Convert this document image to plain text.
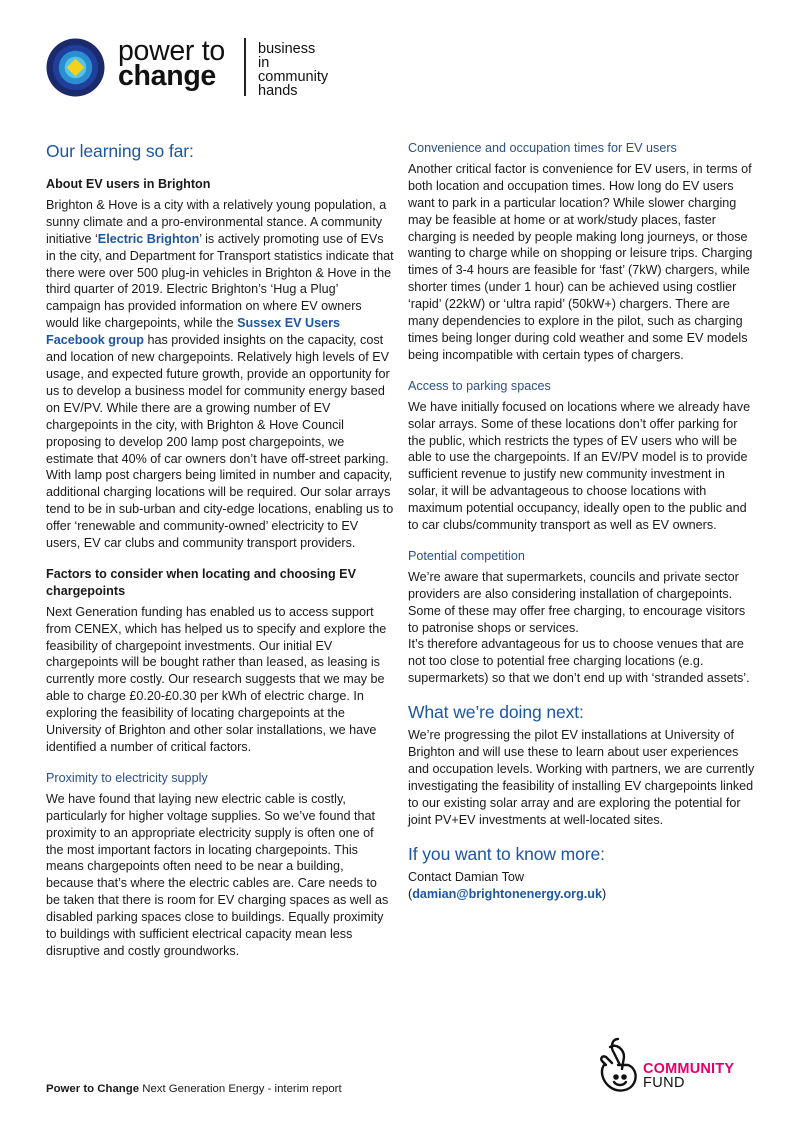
power to
change
business in
community
hands
Our learning so far:
About EV users in Brighton

Brighton & Hove is a city with a relatively young population, a sunny climate and a pro-environmental stance. A community initiative ‘Electric Brighton’ is actively promoting use of EVs in the city, and Department for Transport statistics indicate that there were over 500 plug-in vehicles in Brighton & Hove in the third quarter of 2019. Electric Brighton’s ‘Hug a Plug’ campaign has provided information on where EV owners would like chargepoints, while the Sussex EV Users Facebook group has provided insights on the capacity, cost and location of new chargepoints. Relatively high levels of EV usage, and expected future growth, provide an opportunity for us to develop a business model for community energy based on EV/PV. While there are a growing number of EV chargepoints in the city, with Brighton & Hove Council proposing to develop 200 lamp post chargepoints, we estimate that 40% of car owners don’t have off-street parking. With lamp post chargers being limited in number and capacity, additional charging locations will be required. Our solar arrays tend to be in sub-urban and city-edge locations, enabling us to offer ‘renewable and community-owned’ electricity to EV users, EV car clubs and community transport providers.

Factors to consider when locating and choosing EV chargepoints

Next Generation funding has enabled us to access support from CENEX, which has helped us to specify and explore the feasibility of chargepoint investments. Our initial EV chargepoints will be bought rather than leased, as leasing is currently more costly. Our research suggests that we may be able to charge £0.20-£0.30 per kWh of electric charge. In exploring the feasibility of locating chargepoints at the University of Brighton and other solar installations, we have identified a number of critical factors.

Proximity to electricity supply

We have found that laying new electric cable is costly, particularly for higher voltage supplies. So we’ve found that proximity to an appropriate electricity supply is often one of the most important factors in locating chargepoints. This means chargepoints often need to be near a building, because that’s where the electric cables are. Care needs to be taken that there is room for EV charging spaces as well as disabled parking spaces close to buildings. Equally proximity to buildings with sufficient electrical capacity mean less disruptive and costly groundworks.

Convenience and occupation times for EV users

Another critical factor is convenience for EV users, in terms of both location and occupation times. How long do EV users want to park in a particular location? While slower charging may be feasible at home or at work/study places, faster charging is needed by people making long journeys, or those wanting to charge while on shopping or leisure trips. Charging times of 3-4 hours are feasible for ‘fast’ (7kW) chargers, while shorter times (under 1 hour) can be achieved using costlier ‘rapid’ (22kW) or ‘ultra rapid’ (50kW+) chargers. There are many dependencies to explore in the pilot, such as charging times being longer during cold weather and some EV models being incompatible with certain types of chargers.

Access to parking spaces

We have initially focused on locations where we already have solar arrays. Some of these locations don’t offer parking for the public, which restricts the types of EV users who will be able to use the chargepoints. If an EV/PV model is to provide sufficient revenue to justify new community investment in solar, it will be advantageous to choose locations with maximum potential occupancy, ideally open to the public and to car clubs/community transport as well as EV owners.

Potential competition

We’re aware that supermarkets, councils and private sector providers are also considering installation of chargepoints. Some of these may offer free charging, to encourage visitors to patronise shops or services.

It’s therefore advantageous for us to choose venues that are not too close to potential free charging locations (e.g. supermarkets) so that we don’t end up with ‘stranded assets’.

What we’re doing next:

We’re progressing the pilot EV installations at University of Brighton and will use these to learn about user experiences and occupation levels. Working with partners, we are currently investigating the feasibility of installing EV chargepoints linked to our existing solar array and are exploring the potential for joint PV+EV investments at well-located sites.

If you want to know more:

Contact Damian Tow

(damian@brightonenergy.org.uk)

COMMUNITY
FUND
Power to Change Next Generation Energy - interim report
